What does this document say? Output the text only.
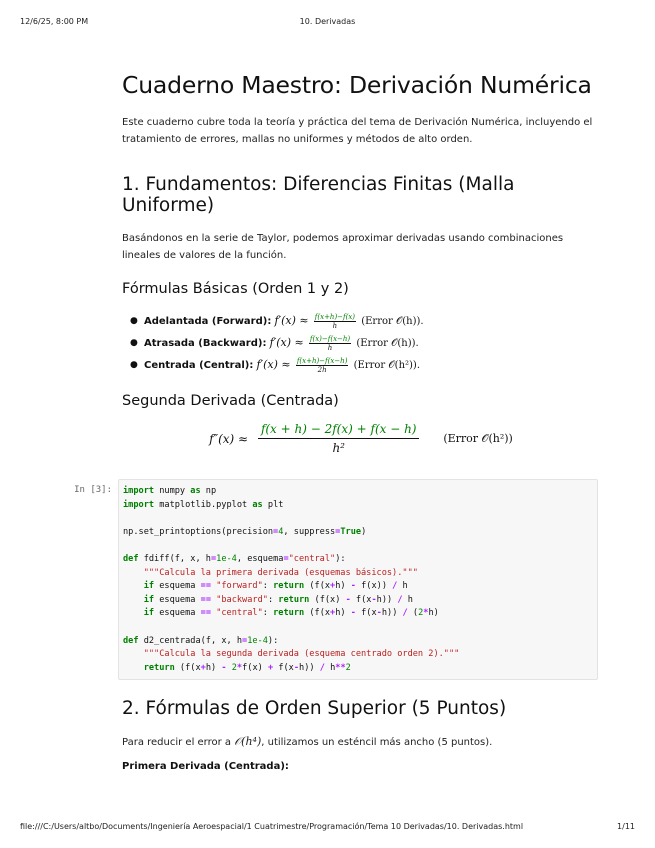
12/6/25, 8:00 PM	10. Derivadas
Cuaderno Maestro: Derivación Numérica

Este cuaderno cubre toda la teoría y práctica del tema de Derivación Numérica, incluyendo el tratamiento de errores, mallas no uniformes y métodos de alto orden.

1. Fundamentos: Diferencias Finitas (Malla Uniforme)

Basándonos en la serie de Taylor, podemos aproximar derivadas usando combinaciones lineales de valores de la función.

Fórmulas Básicas (Orden 1 y 2)
● Adelantada (Forward): $f'(x) \approx \frac{f(x+h)-f(x)}{h}$ (Error 𝒪(h)).
● Atrasada (Backward): $f'(x) \approx \frac{f(x)-f(x-h)}{h}$ (Error 𝒪(h)).
● Centrada (Central): $f'(x) \approx \frac{f(x+h)-f(x-h)}{2h}$ (Error 𝒪(h²)).
Segunda Derivada (Centrada)
$f''(x) \approx \frac{f(x + h) - 2f(x) + f(x - h)}{\text{h²}}$ (Error 𝒪(h²))
In [3]: import numpy as np
import matplotlib.pyplot as plt

np.set_printoptions(precision=4, suppress=True)

def fdiff(f, x, h=1e-4, esquema="central"):
"""Calcula la primera derivada (esquemas básicos)."""
if esquema == "forward": return (f(x+h) - f(x)) / h
if esquema == "backward": return (f(x) - f(x-h)) / h
if esquema == "central": return (f(x+h) - f(x-h)) / (2*h)

def d2_centrada(f, x, h=1e-4):
"""Calcula la segunda derivada (esquema centrado orden 2)."""
return (f(x+h) - 2*f(x) + f(x-h)) / h**2
2. Fórmulas de Orden Superior (5 Puntos)

Para reducir el error a 𝒪(h⁴), utilizamos un esténcil más ancho (5 puntos).

Primera Derivada (Centrada):

file:///C:/Users/altbo/Documents/Ingeniería Aeroespacial/1 Cuatrimestre/Programación/Tema 10 Derivadas/10. Derivadas.html	1/11
